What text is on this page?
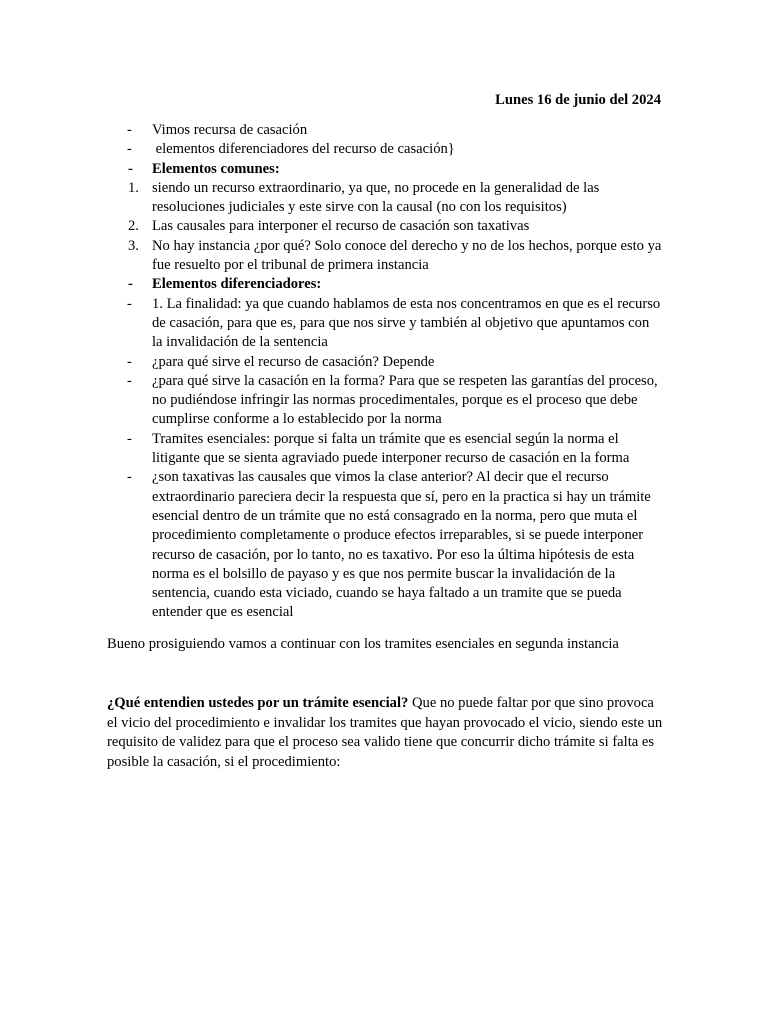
Lunes 16 de junio del 2024
-	Vimos recursa de casación
-	elementos diferenciadores del recurso de casación}
-	Elementos comunes:
1. siendo un recurso extraordinario, ya que, no procede en la generalidad de las resoluciones judiciales y este sirve con la causal (no con los requisitos)
2. Las causales para interponer el recurso de casación son taxativas
3. No hay instancia ¿por qué? Solo conoce del derecho y no de los hechos, porque esto ya fue resuelto por el tribunal de primera instancia
-	Elementos diferenciadores:
-	1. La finalidad: ya que cuando hablamos de esta nos concentramos en que es el recurso de casación, para que es, para que nos sirve y también al objetivo que apuntamos con la invalidación de la sentencia
-	¿para qué sirve el recurso de casación? Depende
-	¿para qué sirve la casación en la forma? Para que se respeten las garantías del proceso, no pudiéndose infringir las normas procedimentales, porque es el proceso que debe cumplirse conforme a lo establecido por la norma
-	Tramites esenciales: porque si falta un trámite que es esencial según la norma el litigante que se sienta agraviado puede interponer recurso de casación en la forma
-	¿son taxativas las causales que vimos la clase anterior? Al decir que el recurso extraordinario pareciera decir la respuesta que sí, pero en la practica si hay un trámite esencial dentro de un trámite que no está consagrado en la norma, pero que muta el procedimiento completamente o produce efectos irreparables, si se puede interponer recurso de casación, por lo tanto, no es taxativo. Por eso la última hipótesis de esta norma es el bolsillo de payaso y es que nos permite buscar la invalidación de la sentencia, cuando esta viciado, cuando se haya faltado a un tramite que se pueda entender que es esencial
Bueno prosiguiendo vamos a continuar con los tramites esenciales en segunda instancia
¿Qué entendien ustedes por un trámite esencial? Que no puede faltar por que sino provoca el vicio del procedimiento e invalidar los tramites que hayan provocado el vicio, siendo este un requisito de validez para que el proceso sea valido tiene que concurrir dicho trámite si falta es posible la casación, si el procedimiento:
